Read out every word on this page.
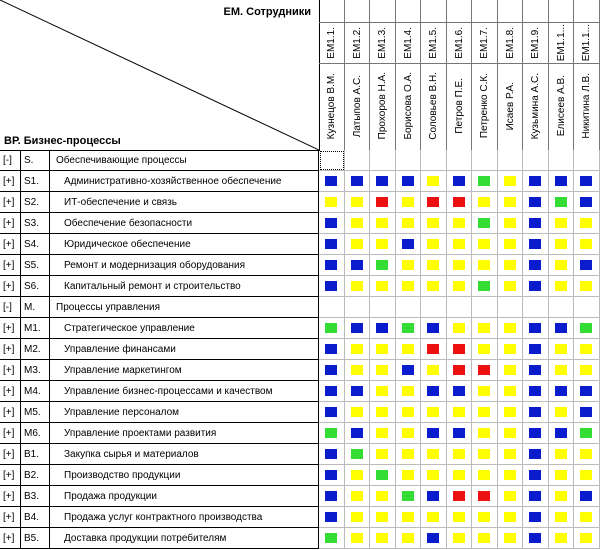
ЕМ. Сотрудники
ВР. Бизнес-процессы
ЕМ1.1.
Кузнецов В.М.
ЕМ1.2.
Латыпов А.С.
ЕМ1.3.
Прохоров Н.А.
ЕМ1.4.
Борисова О.А.
ЕМ1.5.
Соловьев В.Н.
ЕМ1.6.
Петров П.Е.
ЕМ1.7.
Петренко С.К.
ЕМ1.8.
Исаев Р.А.
ЕМ1.9.
Кузьмина А.С.
ЕМ1.1...
Елисеев А.В.
ЕМ1.1...
Никитина Л.В.
[-]	S.	Обеспечивающие процессы
[+] S1.	Административно-хозяйственное обеспечение
[+] S2.	ИТ-обеспечение и связь
[+] S3.	Обеспечение безопасности
[+] S4.	Юридическое обеспечение
[+] S5.	Ремонт и модернизация оборудования
[+] S6.	Капитальный ремонт и строительство
[-]	M.	Процессы управления
[+] M1.	Стратегическое управление
[+] M2.	Управление финансами
[+] M3.	Управление маркетингом
[+] M4.	Управление бизнес-процессами и качеством
[+] M5.	Управление персоналом
[+] M6.	Управление проектами развития
[+] B1.	Закупка сырья и материалов
[+] B2.	Производство продукции
[+] B3.	Продажа продукции
[+] B4.	Продажа услуг контрактного производства
[+] B5.	Доставка продукции потребителям
